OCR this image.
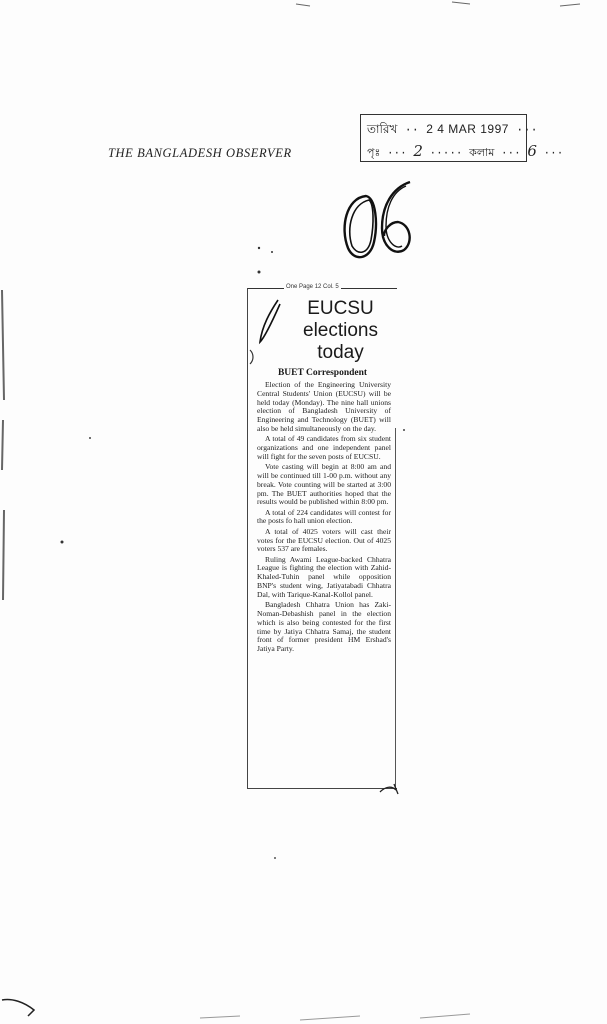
THE BANGLADESH OBSERVER
তারিখ ·· 2 4 MAR 1997 ···
পৃঃ ··· 2 ····· কলাম ··· 6 ···
One Page 12 Col. 5
EUCSU
elections
today
BUET Correspondent

Election of the Engineering University Central Students' Union (EUCSU) will be held today (Monday). The nine hall unions election of Bangladesh University of Engineering and Technology (BUET) will also be held simultaneously on the day.

A total of 49 candidates from six student organizations and one independent panel will fight for the seven posts of EUCSU.

Vote casting will begin at 8:00 am and will be continued till 1-00 p.m. without any break. Vote counting will be started at 3:00 pm. The BUET authorities hoped that the results would be published within 8:00 pm.

A total of 224 candidates will contest for the posts fo hall union election.

A total of 4025 voters will cast their votes for the EUCSU election. Out of 4025 voters 537 are females.

Ruling Awami League-backed Chhatra League is fighting the election with Zahid-Khaled-Tuhin panel while opposition BNP's student wing, Jatiyatabadi Chhatra Dal, with Tarique-Kanal-Kollol panel.

Bangladesh Chhatra Union has Zaki-Noman-Debashish panel in the election which is also being contested for the first time by Jatiya Chhatra Samaj, the student front of former president HM Ershad's Jatiya Party.
